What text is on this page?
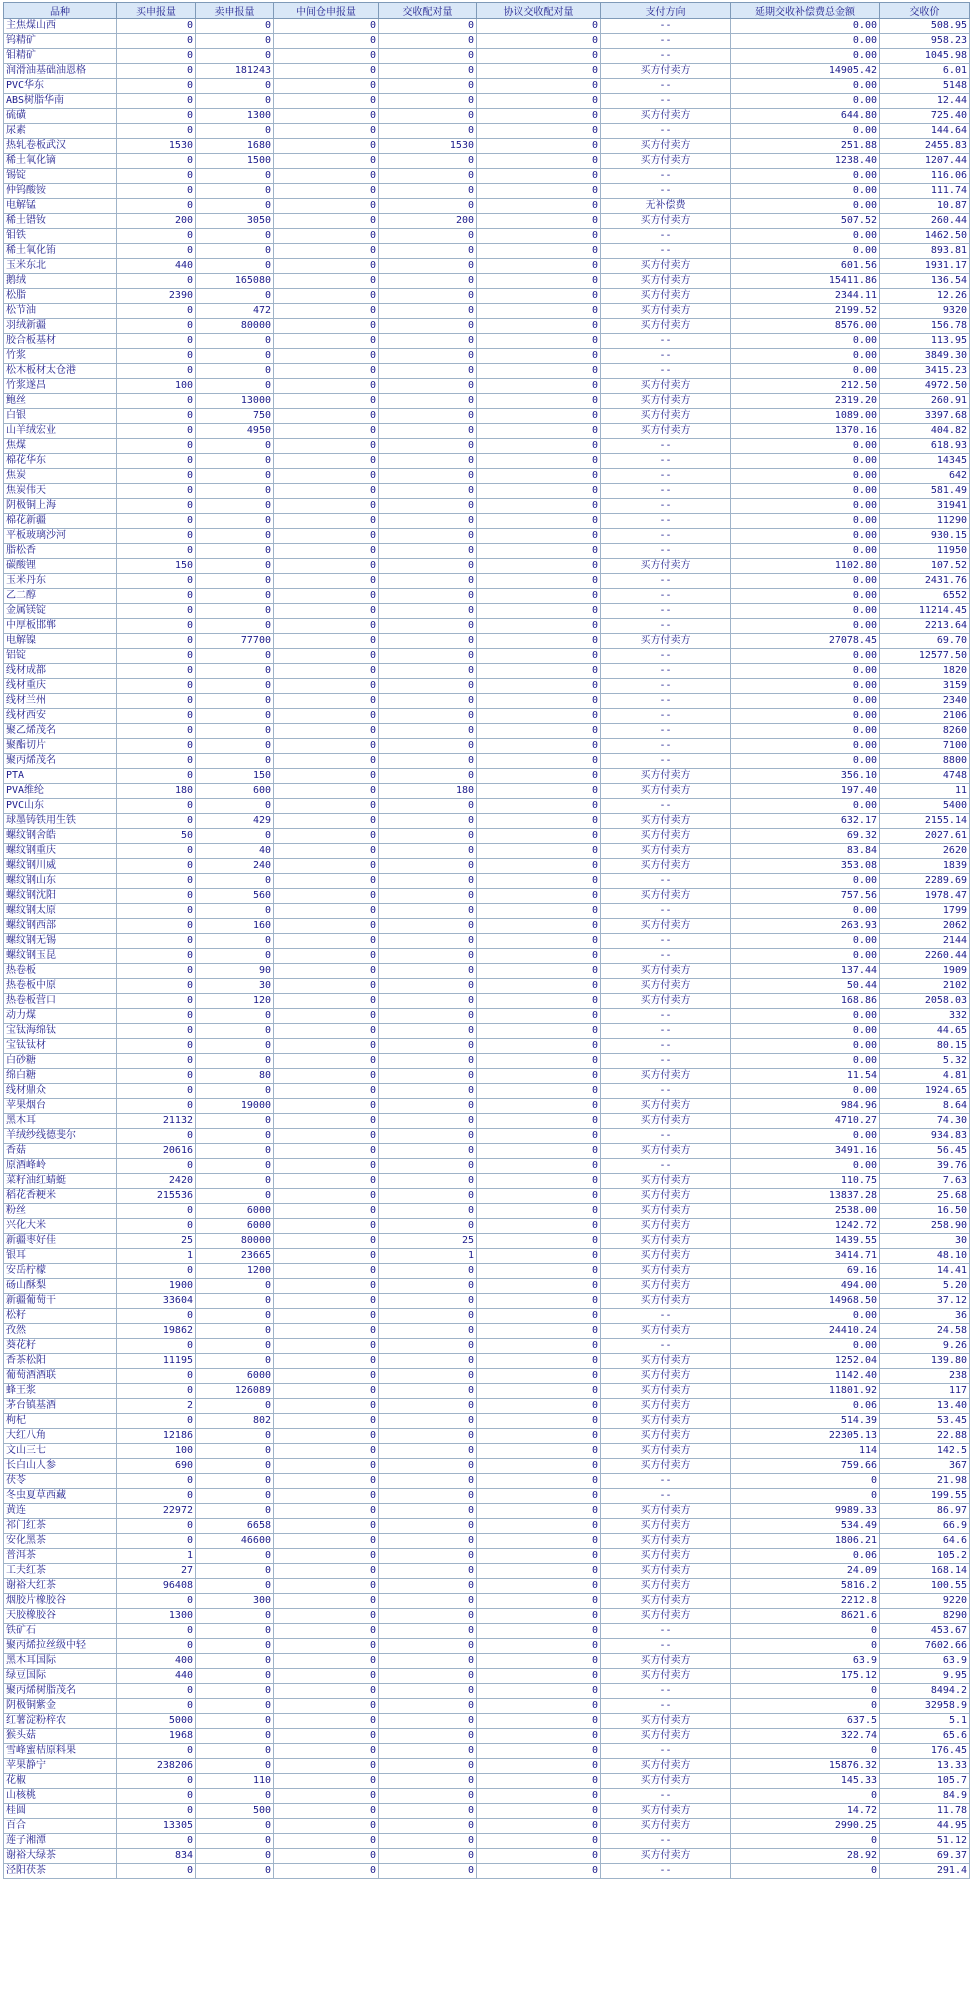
品种	买申报量	卖申报量	中间仓申报量	交收配对量	协议交收配对量	支付方向	延期交收补偿费总金额	交收价
主焦煤山西	0	0	0	0	0	--	0.00	508.95
钨精矿	0	0	0	0	0	--	0.00	958.23
钼精矿	0	0	0	0	0	--	0.00	1045.98
润滑油基础油恩格	0	181243	0	0	0	买方付卖方	14905.42	6.01
PVC华东	0	0	0	0	0	--	0.00	5148
ABS树脂华南	0	0	0	0	0	--	0.00	12.44
硫磺	0	1300	0	0	0	买方付卖方	644.80	725.40
尿素	0	0	0	0	0	--	0.00	144.64
热轧卷板武汉	1530	1680	0	1530	0	买方付卖方	251.88	2455.83
稀土氧化镝	0	1500	0	0	0	买方付卖方	1238.40	1207.44
锡锭	0	0	0	0	0	--	0.00	116.06
仲钨酸铵	0	0	0	0	0	--	0.00	111.74
电解锰	0	0	0	0	0	无补偿费	0.00	10.87
稀土镨钕	200	3050	0	200	0	买方付卖方	507.52	260.44
钼铁	0	0	0	0	0	--	0.00	1462.50
稀土氧化铕	0	0	0	0	0	--	0.00	893.81
玉米东北	440	0	0	0	0	买方付卖方	601.56	1931.17
鹅绒	0	165080	0	0	0	买方付卖方	15411.86	136.54
松脂	2390	0	0	0	0	买方付卖方	2344.11	12.26
松节油	0	472	0	0	0	买方付卖方	2199.52	9320
羽绒新疆	0	80000	0	0	0	买方付卖方	8576.00	156.78
胶合板基材	0	0	0	0	0	--	0.00	113.95
竹浆	0	0	0	0	0	--	0.00	3849.30
松木板材太仓港	0	0	0	0	0	--	0.00	3415.23
竹浆遂昌	100	0	0	0	0	买方付卖方	212.50	4972.50
鲍丝	0	13000	0	0	0	买方付卖方	2319.20	260.91
白银	0	750	0	0	0	买方付卖方	1089.00	3397.68
山羊绒宏业	0	4950	0	0	0	买方付卖方	1370.16	404.82
焦煤	0	0	0	0	0	--	0.00	618.93
棉花华东	0	0	0	0	0	--	0.00	14345
焦炭	0	0	0	0	0	--	0.00	642
焦炭伟天	0	0	0	0	0	--	0.00	581.49
阴极铜上海	0	0	0	0	0	--	0.00	31941
棉花新疆	0	0	0	0	0	--	0.00	11290
平板玻璃沙河	0	0	0	0	0	--	0.00	930.15
脂松香	0	0	0	0	0	--	0.00	11950
碳酸锂	150	0	0	0	0	买方付卖方	1102.80	107.52
玉米丹东	0	0	0	0	0	--	0.00	2431.76
乙二醇	0	0	0	0	0	--	0.00	6552
金属镁锭	0	0	0	0	0	--	0.00	11214.45
中厚板邯郸	0	0	0	0	0	--	0.00	2213.64
电解镍	0	77700	0	0	0	买方付卖方	27078.45	69.70
铝锭	0	0	0	0	0	--	0.00	12577.50
线材成都	0	0	0	0	0	--	0.00	1820
线材重庆	0	0	0	0	0	--	0.00	3159
线材兰州	0	0	0	0	0	--	0.00	2340
线材西安	0	0	0	0	0	--	0.00	2106
聚乙烯茂名	0	0	0	0	0	--	0.00	8260
聚酯切片	0	0	0	0	0	--	0.00	7100
聚丙烯茂名	0	0	0	0	0	--	0.00	8800
PTA	0	150	0	0	0	买方付卖方	356.10	4748
PVA维纶	180	600	0	180	0	买方付卖方	197.40	11
PVC山东	0	0	0	0	0	--	0.00	5400
球墨铸铁用生铁	0	429	0	0	0	买方付卖方	632.17	2155.14
螺纹钢舍皓	50	0	0	0	0	买方付卖方	69.32	2027.61
螺纹钢重庆	0	40	0	0	0	买方付卖方	83.84	2620
螺纹钢川威	0	240	0	0	0	买方付卖方	353.08	1839
螺纹钢山东	0	0	0	0	0	--	0.00	2289.69
螺纹钢沈阳	0	560	0	0	0	买方付卖方	757.56	1978.47
螺纹钢太原	0	0	0	0	0	--	0.00	1799
螺纹钢西部	0	160	0	0	0	买方付卖方	263.93	2062
螺纹钢无锡	0	0	0	0	0	--	0.00	2144
螺纹钢玉昆	0	0	0	0	0	--	0.00	2260.44
热卷板	0	90	0	0	0	买方付卖方	137.44	1909
热卷板中原	0	30	0	0	0	买方付卖方	50.44	2102
热卷板营口	0	120	0	0	0	买方付卖方	168.86	2058.03
动力煤	0	0	0	0	0	--	0.00	332
宝钛海绵钛	0	0	0	0	0	--	0.00	44.65
宝钛钛材	0	0	0	0	0	--	0.00	80.15
白砂糖	0	0	0	0	0	--	0.00	5.32
绵白糖	0	80	0	0	0	买方付卖方	11.54	4.81
线材鼎众	0	0	0	0	0	--	0.00	1924.65
苹果烟台	0	19000	0	0	0	买方付卖方	984.96	8.64
黑木耳	21132	0	0	0	0	买方付卖方	4710.27	74.30
羊绒纱线德斐尔	0	0	0	0	0	--	0.00	934.83
香菇	20616	0	0	0	0	买方付卖方	3491.16	56.45
原酒峰岭	0	0	0	0	0	--	0.00	39.76
菜籽油红蜻蜓	2420	0	0	0	0	买方付卖方	110.75	7.63
稻花香粳米	215536	0	0	0	0	买方付卖方	13837.28	25.68
粉丝	0	6000	0	0	0	买方付卖方	2538.00	16.50
兴化大米	0	6000	0	0	0	买方付卖方	1242.72	258.90
新疆枣好佳	25	80000	0	25	0	买方付卖方	1439.55	30
银耳	1	23665	0	1	0	买方付卖方	3414.71	48.10
安岳柠檬	0	1200	0	0	0	买方付卖方	69.16	14.41
砀山酥梨	1900	0	0	0	0	买方付卖方	494.00	5.20
新疆葡萄干	33604	0	0	0	0	买方付卖方	14968.50	37.12
松籽	0	0	0	0	0	--	0.00	36
孜然	19862	0	0	0	0	买方付卖方	24410.24	24.58
葵花籽	0	0	0	0	0	--	0.00	9.26
香茶松阳	11195	0	0	0	0	买方付卖方	1252.04	139.80
葡萄酒酒联	0	6000	0	0	0	买方付卖方	1142.40	238
蜂王浆	0	126089	0	0	0	买方付卖方	11801.92	117
茅台镇基酒	2	0	0	0	0	买方付卖方	0.06	13.40
枸杞	0	802	0	0	0	买方付卖方	514.39	53.45
大红八角	12186	0	0	0	0	买方付卖方	22305.13	22.88
文山三七	100	0	0	0	0	买方付卖方	114	142.5
长白山人参	690	0	0	0	0	买方付卖方	759.66	367
茯苓	0	0	0	0	0	--	0	21.98
冬虫夏草西藏	0	0	0	0	0	--	0	199.55
黄连	22972	0	0	0	0	买方付卖方	9989.33	86.97
祁门红茶	0	6658	0	0	0	买方付卖方	534.49	66.9
安化黑茶	0	46600	0	0	0	买方付卖方	1806.21	64.6
普洱茶	1	0	0	0	0	买方付卖方	0.06	105.2
工夫红茶	27	0	0	0	0	买方付卖方	24.09	168.14
谢裕大红茶	96408	0	0	0	0	买方付卖方	5816.2	100.55
烟胶片橡胶谷	0	300	0	0	0	买方付卖方	2212.8	9220
天胶橡胶谷	1300	0	0	0	0	买方付卖方	8621.6	8290
铁矿石	0	0	0	0	0	--	0	453.67
聚丙烯拉丝级中轻	0	0	0	0	0	--	0	7602.66
黑木耳国际	400	0	0	0	0	买方付卖方	63.9	63.9
绿豆国际	440	0	0	0	0	买方付卖方	175.12	9.95
聚丙烯树脂茂名	0	0	0	0	0	--	0	8494.2
阴极铜紫金	0	0	0	0	0	--	0	32958.9
红薯淀粉梓农	5000	0	0	0	0	买方付卖方	637.5	5.1
猴头菇	1968	0	0	0	0	买方付卖方	322.74	65.6
雪峰蜜桔原料果	0	0	0	0	0	--	0	176.45
苹果静宁	238206	0	0	0	0	买方付卖方	15876.32	13.33
花椒	0	110	0	0	0	买方付卖方	145.33	105.7
山核桃	0	0	0	0	0	--	0	84.9
桂圆	0	500	0	0	0	买方付卖方	14.72	11.78
百合	13305	0	0	0	0	买方付卖方	2990.25	44.95
莲子湘潭	0	0	0	0	0	--	0	51.12
谢裕大绿茶	834	0	0	0	0	买方付卖方	28.92	69.37
泾阳茯茶	0	0	0	0	0	--	0	291.4
